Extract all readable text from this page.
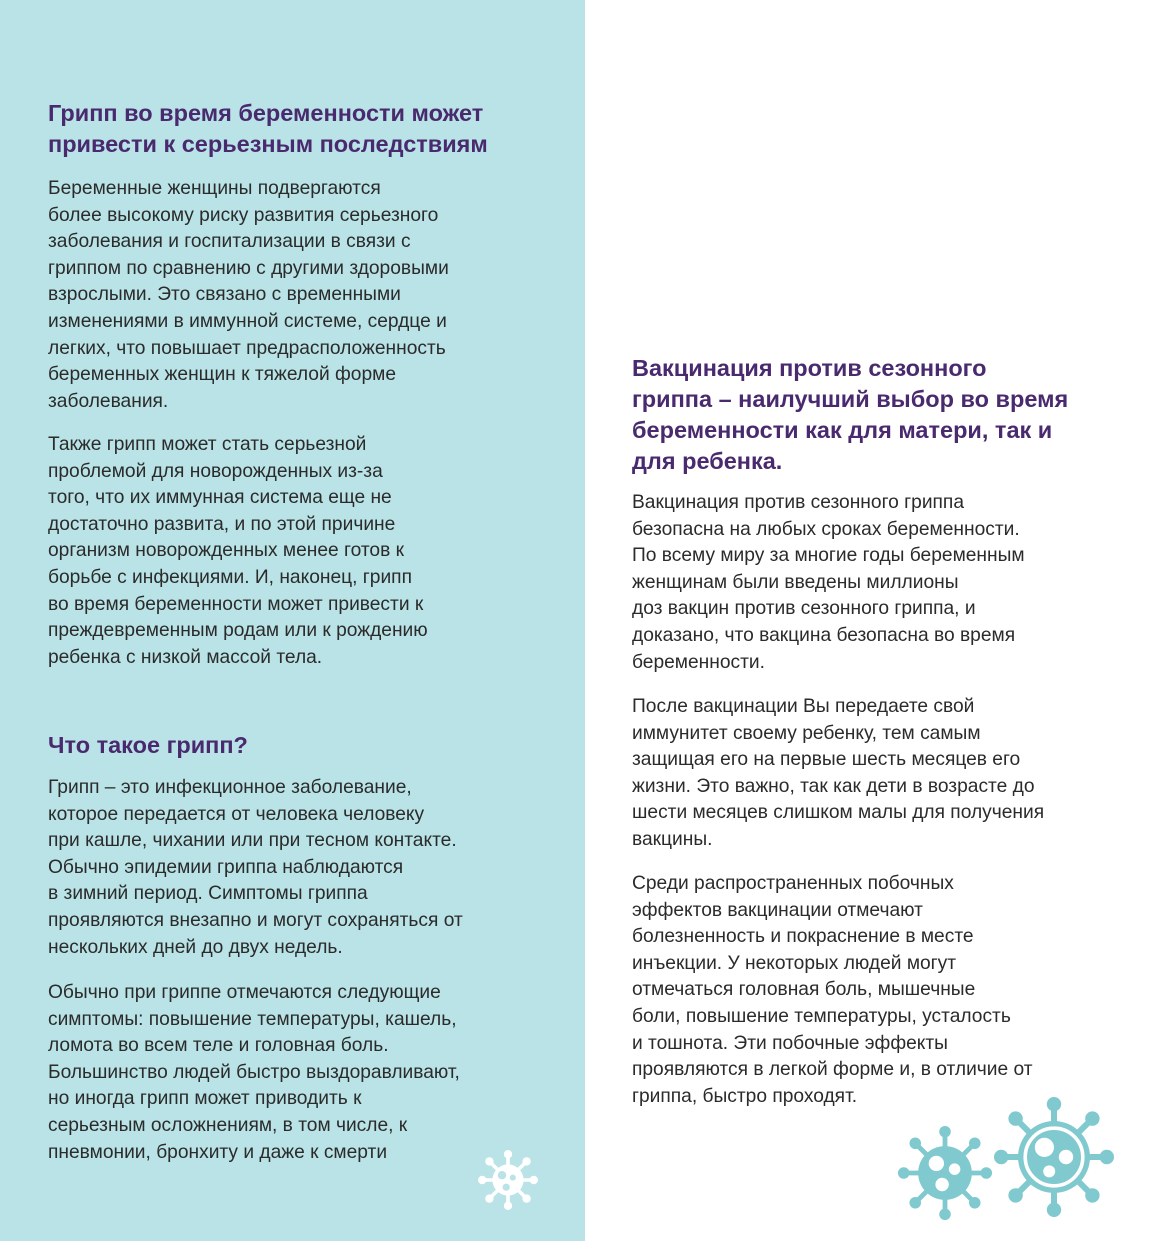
Грипп во время беременности может
привести к серьезным последствиям

Беременные женщины подвергаются
более высокому риску развития серьезного
заболевания и госпитализации в связи с
гриппом по сравнению с другими здоровыми
взрослыми. Это связано с временными
изменениями в иммунной системе, сердце и
легких, что повышает предрасположенность
беремeнных женщин к тяжелой форме
заболевания.

Также грипп может стать серьезной
проблемой для новорожденных из-за
того, что их иммунная система еще не
достаточно развита, и по этой причине
организм новорожденных менее готов к
борьбе с инфекциями. И, наконец, грипп
во время беременности может привести к
преждевременным родам или к рождению
ребенка с низкой массой тела.

Что такое грипп?

Грипп – это инфекционное заболевание,
которое передается от человека человеку
при кашле, чихании или при тесном контакте.
Обычно эпидемии гриппа наблюдаются
в зимний период. Симптомы гриппа
проявляются внезапно и могут сохраняться от
нескольких дней до двух недель.

Обычно при гриппе отмечаются следующие
симптомы: повышение температуры, кашель,
ломота во всем теле и головная боль.
Большинство людей быстро выздоравливают,
но иногда грипп может приводить к
серьезным осложнениям, в том числе, к
пневмонии, бронхиту и даже к смерти

Вакцинация против сезонного
гриппа – наилучший выбор во время
беременности как для матери, так и
для ребенка.

Вакцинация против сезонного гриппа
безопасна на любых сроках беременности.
По всему миру за многие годы беременным
женщинам были введены миллионы
доз вакцин против сезонного гриппа, и
доказано, что вакцина безопасна во время
беременности.

После вакцинации Вы передаете свой
иммунитет своему ребенку, тем самым
защищая его на первые шесть месяцев его
жизни. Это важно, так как дети в возрасте до
шести месяцев слишком малы для получения
вакцины.

Среди распространенных побочных
эффектов вакцинации отмечают
болезненность и покраснение в месте
инъекции. У некоторых людей могут
отмечаться головная боль, мышечные
боли, повышение температуры, усталость
и тошнота. Эти побочные эффекты
проявляются в легкой форме и, в отличие от
гриппа, быстро проходят.
